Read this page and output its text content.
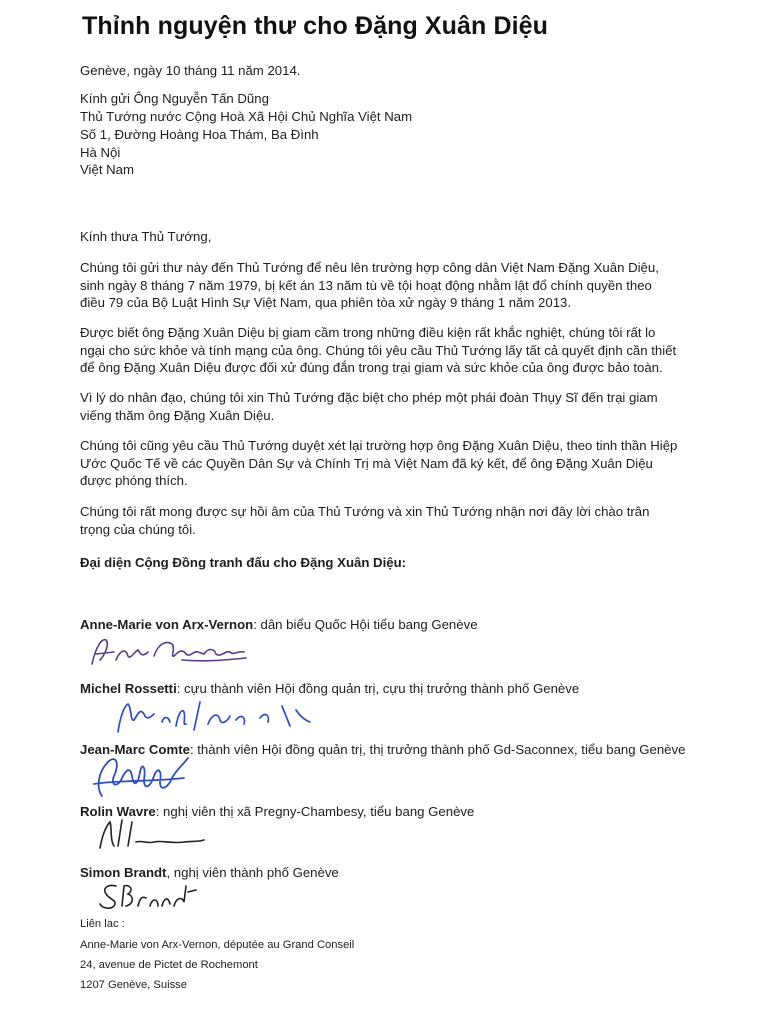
Thỉnh nguyện thư cho Đặng Xuân Diệu
Genève, ngày 10 tháng 11 năm 2014.
Kính gửi Ông Nguyễn Tấn Dũng
Thủ Tướng nước Cộng Hoà Xã Hội Chủ Nghĩa Việt Nam
Số 1, Đường Hoàng Hoa Thám, Ba Đình
Hà Nội
Việt Nam
Kính thưa Thủ Tướng,
Chúng tôi gửi thư này đến Thủ Tướng để nêu lên trường hợp công dân Việt Nam Đặng Xuân Diệu,
sinh ngày 8 tháng 7 năm 1979, bị kết án 13 năm tù về tội hoạt động nhằm lật đổ chính quyền theo
điều 79 của Bộ Luật Hình Sự Việt Nam, qua phiên tòa xử ngày 9 tháng 1 năm 2013.
Được biết ông Đặng Xuân Diệu bị giam cầm trong những điều kiện rất khắc nghiệt, chúng tôi rất lo
ngại cho sức khỏe và tính mạng của ông. Chúng tôi yêu cầu Thủ Tướng lấy tất cả quyết định cần thiết
để ông Đặng Xuân Diệu được đối xử đúng đắn trong trại giam và sức khỏe của ông được bảo toàn.
Vì lý do nhân đạo, chúng tôi xin Thủ Tướng đặc biệt cho phép một phái đoàn Thụy Sĩ đến trại giam
viếng thăm ông Đặng Xuân Diệu.
Chúng tôi cũng yêu cầu Thủ Tướng duyệt xét lại trường hợp ông Đặng Xuân Diệu, theo tinh thần Hiệp
Ước Quốc Tế về các Quyền Dân Sự và Chính Trị mà Việt Nam đã ký kết, để ông Đặng Xuân Diệu
được phóng thích.
Chúng tôi rất mong được sự hồi âm của Thủ Tướng và xin Thủ Tướng nhận nơi đây lời chào trân
trọng của chúng tôi.
Đại diện Cộng Đồng tranh đấu cho Đặng Xuân Diệu:
Anne-Marie von Arx-Vernon: dân biểu Quốc Hội tiểu bang Genève
Michel Rossetti: cựu thành viên Hội đồng quản trị, cựu thị trưởng thành phố Genève
Jean-Marc Comte: thành viên Hội đồng quản trị, thị trưởng thành phố Gd-Saconnex, tiểu bang Genève
Rolin Wavre: nghị viên thị xã Pregny-Chambesy, tiểu bang Genève
Simon Brandt, nghị viên thành phố Genève
Liên lac :
Anne-Marie von Arx-Vernon, députée au Grand Conseil
24, avenue de Pictet de Rochemont
1207 Genève, Suisse
